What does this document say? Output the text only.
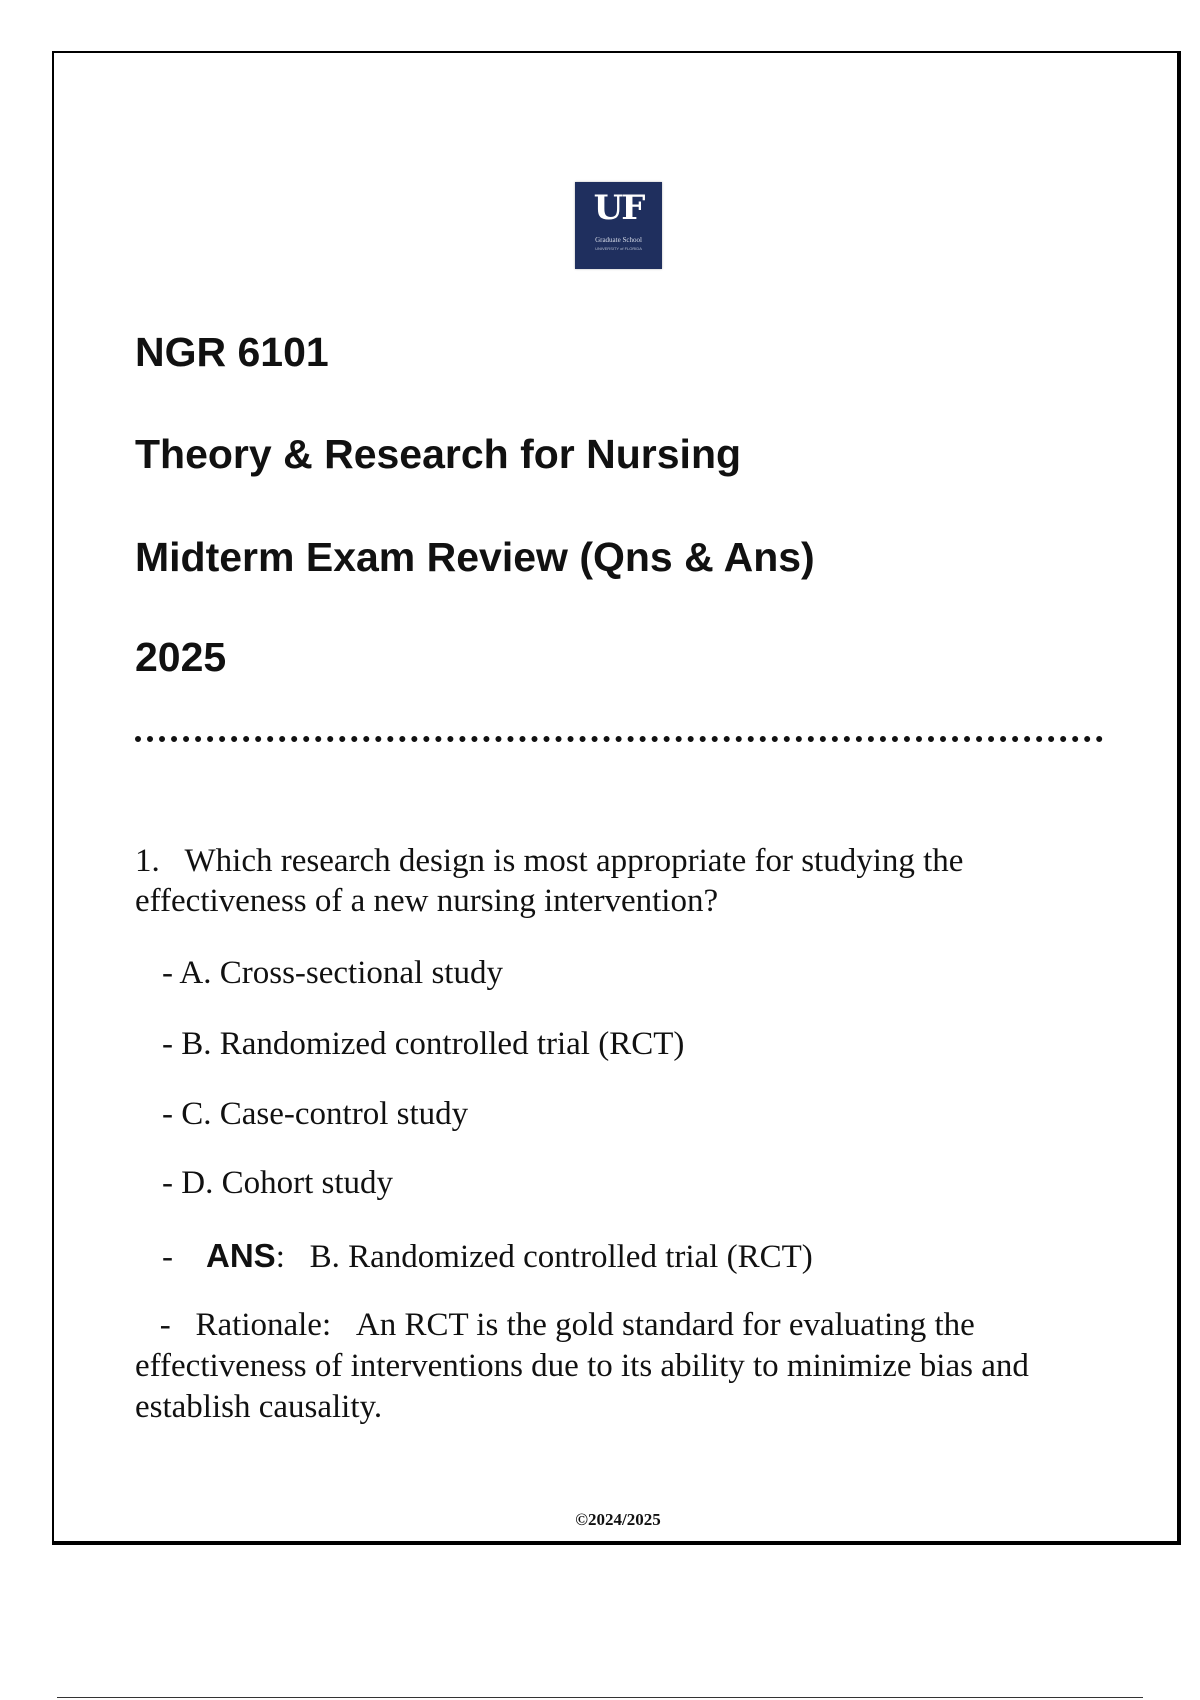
UF
Graduate School
UNIVERSITY of FLORIDA
NGR 6101
Theory & Research for Nursing
Midterm Exam Review (Qns & Ans)
2025
1. Which research design is most appropriate for studying the effectiveness of a new nursing intervention?
- A. Cross-sectional study
- B. Randomized controlled trial (RCT)
- C. Case-control study
- D. Cohort study
- ANS:   B. Randomized controlled trial (RCT)
- Rationale: An RCT is the gold standard for evaluating the effectiveness of interventions due to its ability to minimize bias and establish causality.
©2024/2025
